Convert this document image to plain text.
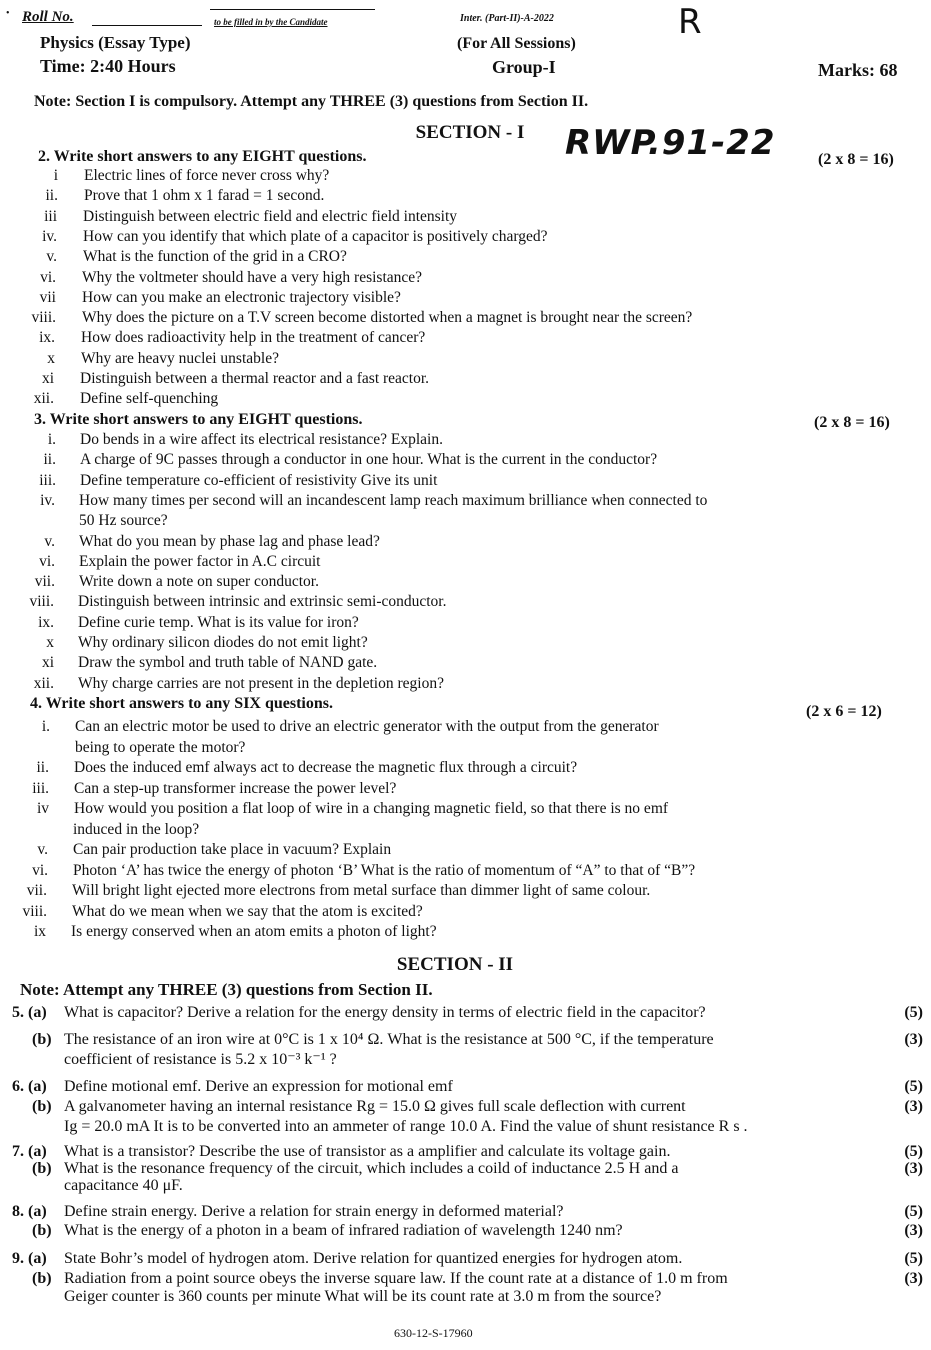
• Roll No.	to be filled in by the Candidate	Inter. (Part-II)-A-2022	R
Physics (Essay Type)	(For All Sessions)
Time: 2:40 Hours	Group-I	Marks: 68
Note: Section I is compulsory. Attempt any THREE (3) questions from Section II.
SECTION - I	RWP.91-22
2. Write short answers to any EIGHT questions.	(2 x 8 = 16)
i Electric lines of force never cross why?
ii. Prove that 1 ohm x 1 farad = 1 second.
iii Distinguish between electric field and electric field intensity
iv. How can you identify that which plate of a capacitor is positively charged?
v. What is the function of the grid in a CRO?
vi. Why the voltmeter should have a very high resistance?
vii How can you make an electronic trajectory visible?
viii. Why does the picture on a T.V screen become distorted when a magnet is brought near the screen?
ix. How does radioactivity help in the treatment of cancer?
x Why are heavy nuclei unstable?
xi Distinguish between a thermal reactor and a fast reactor.
xii. Define self-quenching
3. Write short answers to any EIGHT questions.	(2 x 8 = 16)
i. Do bends in a wire affect its electrical resistance? Explain.
ii. A charge of 9C passes through a conductor in one hour. What is the current in the conductor?
iii. Define temperature co-efficient of resistivity Give its unit
iv. How many times per second will an incandescent lamp reach maximum brilliance when connected to
50 Hz source?
v. What do you mean by phase lag and phase lead?
vi. Explain the power factor in A.C circuit
vii. Write down a note on super conductor.
viii. Distinguish between intrinsic and extrinsic semi-conductor.
ix. Define curie temp. What is its value for iron?
x Why ordinary silicon diodes do not emit light?
xi Draw the symbol and truth table of NAND gate.
xii. Why charge carries are not present in the depletion region?
4. Write short answers to any SIX questions.	(2 x 6 = 12)
i. Can an electric motor be used to drive an electric generator with the output from the generator
being to operate the motor?
ii. Does the induced emf always act to decrease the magnetic flux through a circuit?
iii. Can a step-up transformer increase the power level?
iv How would you position a flat loop of wire in a changing magnetic field, so that there is no emf
induced in the loop?
v. Can pair production take place in vacuum? Explain
vi. Photon ‘A’ has twice the energy of photon ‘B’ What is the ratio of momentum of “A” to that of “B”?
vii. Will bright light ejected more electrons from metal surface than dimmer light of same colour.
viii. What do we mean when we say that the atom is excited?
ix Is energy conserved when an atom emits a photon of light?
SECTION - II
Note: Attempt any THREE (3) questions from Section II.
5. (a) What is capacitor? Derive a relation for the energy density in terms of electric field in the capacitor?	(5)
(b) The resistance of an iron wire at 0°C is 1 x 10⁴ Ω. What is the resistance at 500 °C, if the temperature	(3)
coefficient of resistance is 5.2 x 10⁻³ k⁻¹ ?
6. (a) Define motional emf. Derive an expression for motional emf	(5)
(b) A galvanometer having an internal resistance Rg = 15.0 Ω gives full scale deflection with current	(3)
Ig = 20.0 mA It is to be converted into an ammeter of range 10.0 A. Find the value of shunt resistance R s .
7. (a) What is a transistor? Describe the use of transistor as a amplifier and calculate its voltage gain.	(5)
(b) What is the resonance frequency of the circuit, which includes a coild of inductance 2.5 H and a	(3)
capacitance 40 μF.
8. (a) Define strain energy. Derive a relation for strain energy in deformed material?	(5)
(b) What is the energy of a photon in a beam of infrared radiation of wavelength 1240 nm?	(3)
9. (a) State Bohr’s model of hydrogen atom. Derive relation for quantized energies for hydrogen atom.	(5)
(b) Radiation from a point source obeys the inverse square law. If the count rate at a distance of 1.0 m from	(3)
Geiger counter is 360 counts per minute What will be its count rate at 3.0 m from the source?
630-12-S-17960
